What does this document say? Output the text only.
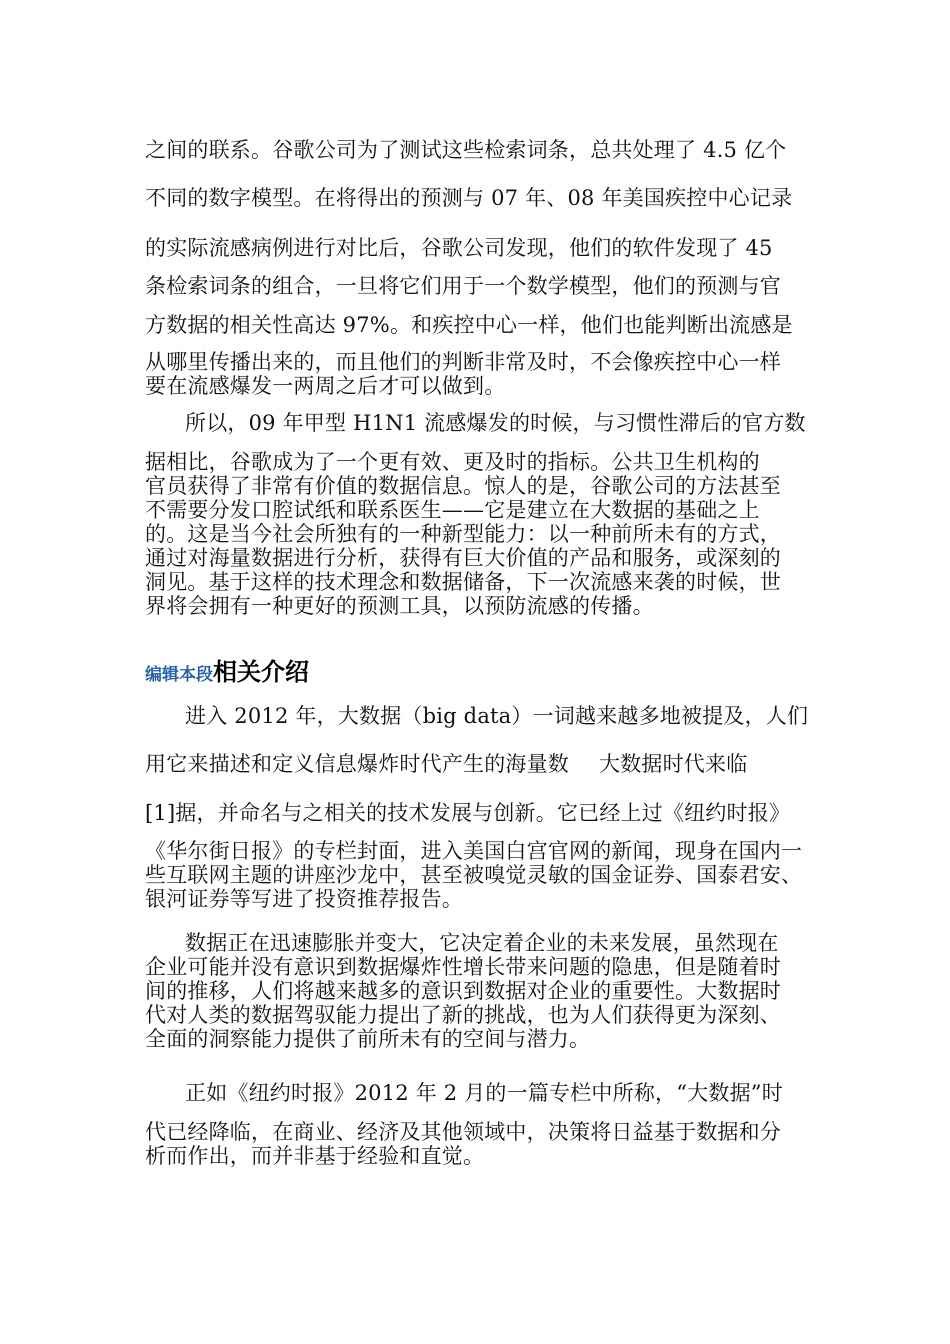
之间的联系。谷歌公司为了测试这些检索词条，总共处理了 4.5 亿个
不同的数字模型。在将得出的预测与 07 年、08 年美国疾控中心记录
的实际流感病例进行对比后，谷歌公司发现，他们的软件发现了 45
条检索词条的组合，一旦将它们用于一个数学模型，他们的预测与官
方数据的相关性高达 97%。和疾控中心一样，他们也能判断出流感是
从哪里传播出来的，而且他们的判断非常及时，不会像疾控中心一样
要在流感爆发一两周之后才可以做到。
所以，09 年甲型 H1N1 流感爆发的时候，与习惯性滞后的官方数
据相比，谷歌成为了一个更有效、更及时的指标。公共卫生机构的
官员获得了非常有价值的数据信息。惊人的是，谷歌公司的方法甚至
不需要分发口腔试纸和联系医生——它是建立在大数据的基础之上
的。这是当今社会所独有的一种新型能力：以一种前所未有的方式，
通过对海量数据进行分析，获得有巨大价值的产品和服务，或深刻的
洞见。基于这样的技术理念和数据储备，下一次流感来袭的时候，世
界将会拥有一种更好的预测工具，以预防流感的传播。
编辑本段相关介绍
进入 2012 年，大数据（big data）一词越来越多地被提及，人们
用它来描述和定义信息爆炸时代产生的海量数 大数据时代来临
[1]据，并命名与之相关的技术发展与创新。它已经上过《纽约时报》
《华尔街日报》的专栏封面，进入美国白宫官网的新闻，现身在国内一
些互联网主题的讲座沙龙中，甚至被嗅觉灵敏的国金证券、国泰君安、
银河证券等写进了投资推荐报告。
数据正在迅速膨胀并变大，它决定着企业的未来发展，虽然现在
企业可能并没有意识到数据爆炸性增长带来问题的隐患，但是随着时
间的推移，人们将越来越多的意识到数据对企业的重要性。大数据时
代对人类的数据驾驭能力提出了新的挑战，也为人们获得更为深刻、
全面的洞察能力提供了前所未有的空间与潜力。
正如《纽约时报》2012 年 2 月的一篇专栏中所称，“大数据”时
代已经降临，在商业、经济及其他领域中，决策将日益基于数据和分
析而作出，而并非基于经验和直觉。
